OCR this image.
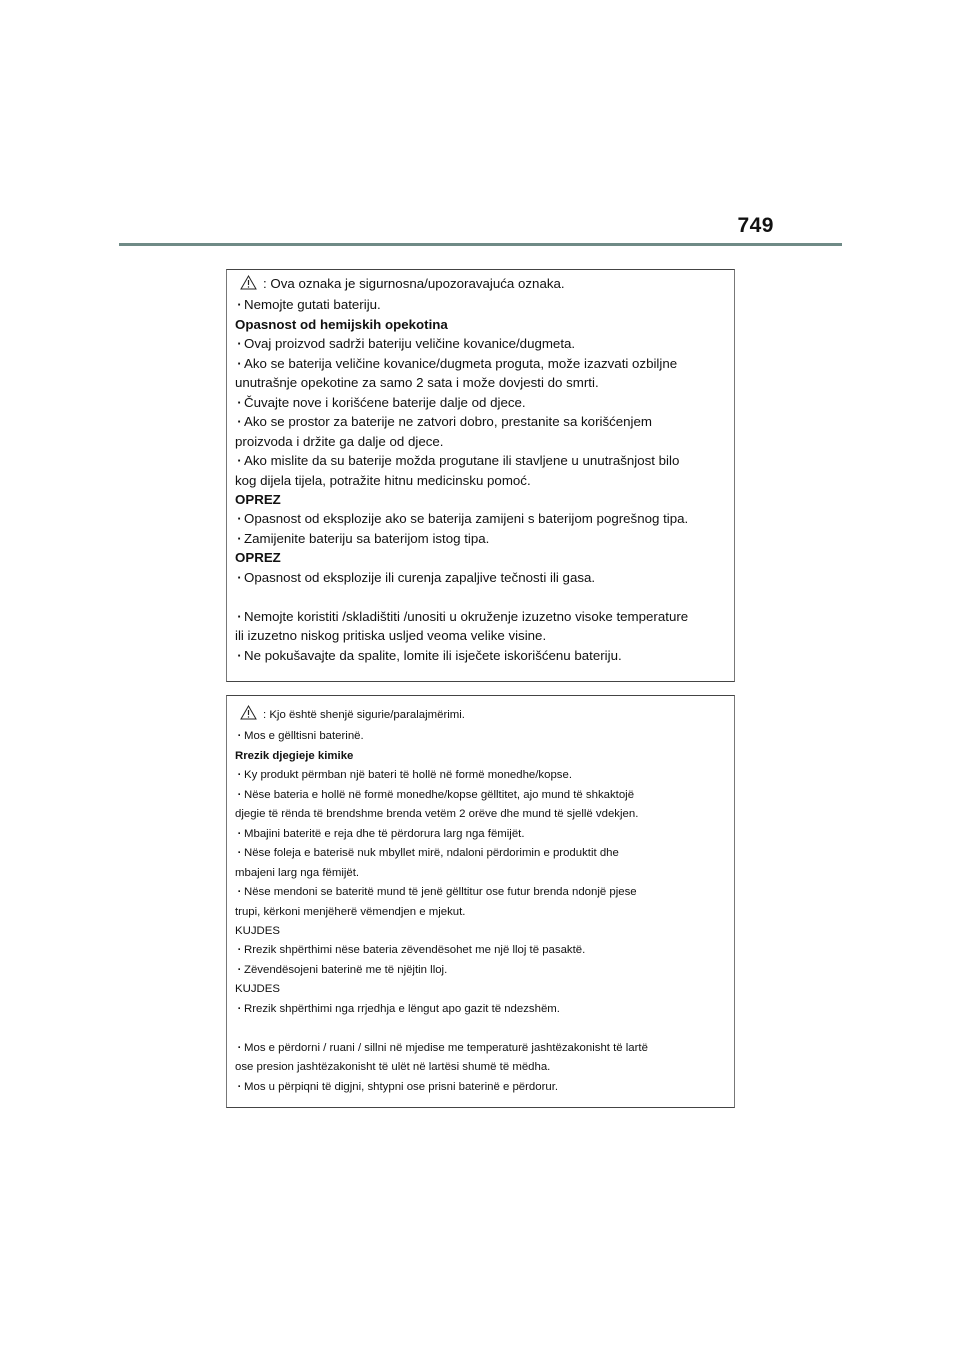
749
: Ova oznaka je sigurnosna/upozoravajuća oznaka.
· Nemojte gutati bateriju.
Opasnost od hemijskih opekotina
· Ovaj proizvod sadrži bateriju veličine kovanice/dugmeta.
· Ako se baterija veličine kovanice/dugmeta proguta, može izazvati ozbiljne
unutrašnje opekotine za samo 2 sata i može dovjesti do smrti.
· Čuvajte nove i korišćene baterije dalje od djece.
· Ako se prostor za baterije ne zatvori dobro, prestanite sa korišćenjem
proizvoda i držite ga dalje od djece.
· Ako mislite da su baterije možda progutane ili stavljene u unutrašnjost bilo
kog dijela tijela, potražite hitnu medicinsku pomoć.
OPREZ
· Opasnost od eksplozije ako se baterija zamijeni s baterijom pogrešnog tipa.
· Zamijenite bateriju sa baterijom istog tipa.
OPREZ
· Opasnost od eksplozije ili curenja zapaljive tečnosti ili gasa.
· Nemojte koristiti /skladištiti /unositi u okruženje izuzetno visoke temperature
ili izuzetno niskog pritiska usljed veoma velike visine.
· Ne pokušavajte da spalite, lomite ili isječete iskorišćenu bateriju.
: Kjo është shenjë sigurie/paralajmërimi.
· Mos e gëlltisni baterinë.
Rrezik djegieje kimike
· Ky produkt përmban një bateri të hollë në formë monedhe/kopse.
· Nëse bateria e hollë në formë monedhe/kopse gëlltitet, ajo mund të shkaktojë
djegie të rënda të brendshme brenda vetëm 2 orëve dhe mund të sjellë vdekjen.
· Mbajini bateritë e reja dhe të përdorura larg nga fëmijët.
· Nëse foleja e baterisë nuk mbyllet mirë, ndaloni përdorimin e produktit dhe
mbajeni larg nga fëmijët.
· Nëse mendoni se bateritë mund të jenë gëlltitur ose futur brenda ndonjë pjese
trupi, kërkoni menjëherë vëmendjen e mjekut.
KUJDES
· Rrezik shpërthimi nëse bateria zëvendësohet me një lloj të pasaktë.
· Zëvendësojeni baterinë me të njëjtin lloj.
KUJDES
· Rrezik shpërthimi nga rrjedhja e lëngut apo gazit të ndezshëm.
· Mos e përdorni / ruani / sillni në mjedise me temperaturë jashtëzakonisht të lartë
ose presion jashtëzakonisht të ulët në lartësi shumë të mëdha.
· Mos u përpiqni të digjni, shtypni ose prisni baterinë e përdorur.
